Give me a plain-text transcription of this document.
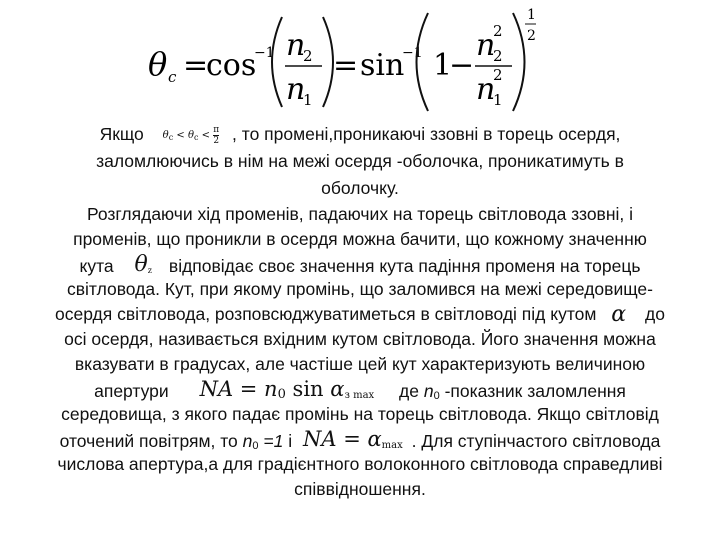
θ c =
cos
−1 n
2
n
1
= sin
−1 1
−
n
2
2
n
2
1
1
2
Якщо $\theta_c < \theta_c < \frac{\pi}{2}$ , то промені,проникаючі ззовні в торець осердя,
заломлюючись в нім на межі осердя -оболочка, проникатимуть в
оболочку.
Розглядаючи хід променів, падаючих на торець світловода ззовні, і
променів, що проникли в осердя можна бачити, що кожному значенню
кута θz відповідає своє значення кута падіння променя на торець
світловода. Кут, при якому промінь, що заломився на межі середовище-
осердя світловода, розповсюджуватиметься в світловоді під кутом α до
осі осердя, називається вхідним кутом світловода. Його значення можна
вказувати в градусах, але частіше цей кут характеризують величиною
апертури NA = n0 sin αз max де n0 -показник заломлення
середовища, з якого падає промінь на торець світловода. Якщо світловід
оточений повітрям, то n0 =1 і NA = αmax . Для ступінчастого світловода
числова апертура,а для градієнтного волоконного світловода справедливі
співвідношення.
